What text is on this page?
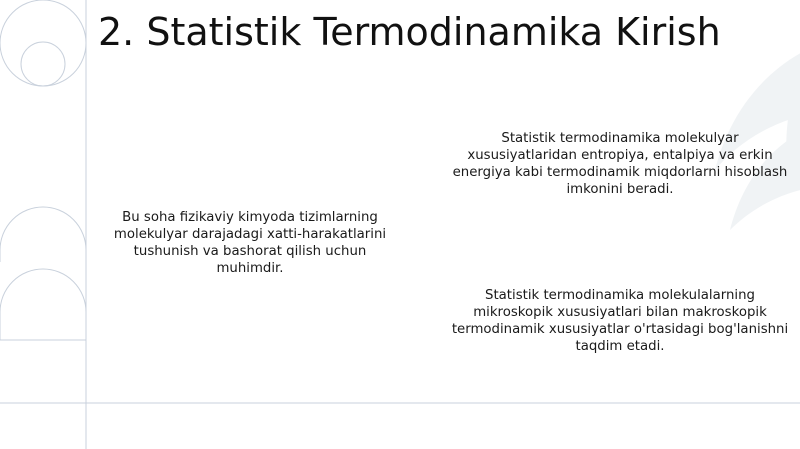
2. Statistik Termodinamika Kirish

Bu soha fizikaviy kimyoda tizimlarning molekulyar darajadagi xatti-harakatlarini tushunish va bashorat qilish uchun muhimdir.

Statistik termodinamika molekulyar xususiyatlaridan entropiya, entalpiya va erkin energiya kabi termodinamik miqdorlarni hisoblash imkonini beradi.

Statistik termodinamika molekulalarning mikroskopik xususiyatlari bilan makroskopik termodinamik xususiyatlar o'rtasidagi bog'lanishni taqdim etadi.
